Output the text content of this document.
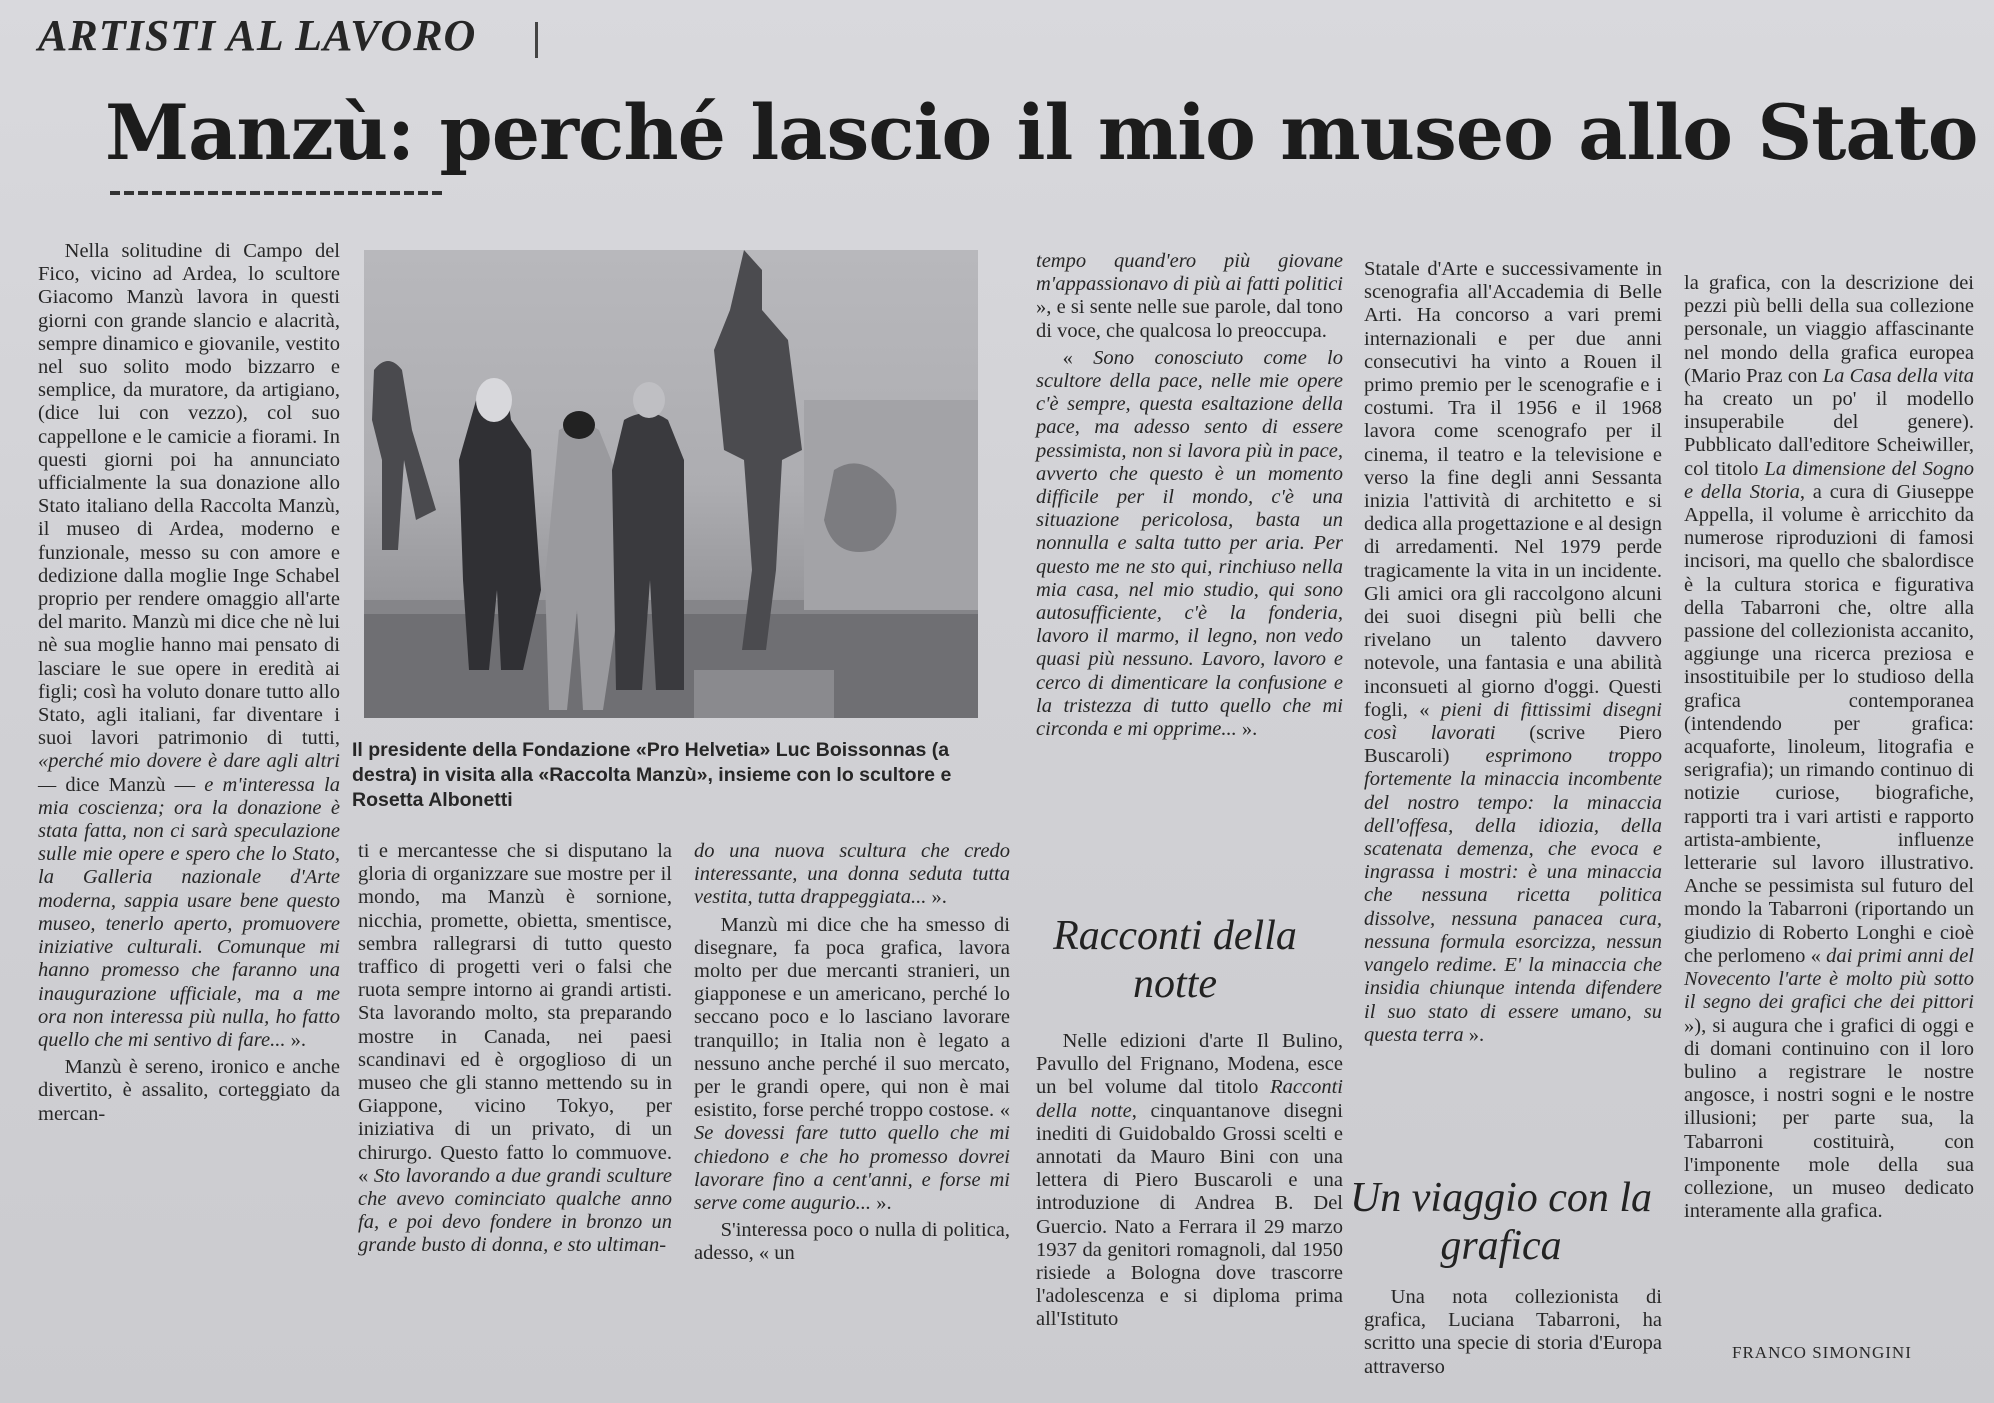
ARTISTI AL LAVORO
Manzù: perché lascio il mio museo allo Stato

Nella solitudine di Campo del Fico, vicino ad Ardea, lo scultore Giacomo Manzù lavora in questi giorni con grande slancio e alacrità, sempre dinamico e giovanile, vestito nel suo solito modo bizzarro e semplice, da muratore, da artigiano, (dice lui con vezzo), col suo cappellone e le camicie a fiorami. In questi giorni poi ha annunciato ufficialmente la sua donazione allo Stato italiano della Raccolta Manzù, il museo di Ardea, moderno e funzionale, messo su con amore e dedizione dalla moglie Inge Schabel proprio per rendere omaggio all'arte del marito. Manzù mi dice che nè lui nè sua moglie hanno mai pensato di lasciare le sue opere in eredità ai figli; così ha voluto donare tutto allo Stato, agli italiani, far diventare i suoi lavori patrimonio di tutti, «perché mio dovere è dare agli altri — dice Manzù — e m'interessa la mia coscienza; ora la donazione è stata fatta, non ci sarà speculazione sulle mie opere e spero che lo Stato, la Galleria nazionale d'Arte moderna, sappia usare bene questo museo, tenerlo aperto, promuovere iniziative culturali. Comunque mi hanno promesso che faranno una inaugurazione ufficiale, ma a me ora non interessa più nulla, ho fatto quello che mi sentivo di fare... ».

Manzù è sereno, ironico e anche divertito, è assalito, corteggiato da mercan-

Il presidente della Fondazione «Pro Helvetia» Luc Boissonnas (a destra) in visita alla «Raccolta Manzù», insieme con lo scultore e Rosetta Albonetti

ti e mercantesse che si disputano la gloria di organizzare sue mostre per il mondo, ma Manzù è sornione, nicchia, promette, obietta, smentisce, sembra rallegrarsi di tutto questo traffico di progetti veri o falsi che ruota sempre intorno ai grandi artisti. Sta lavorando molto, sta preparando mostre in Canada, nei paesi scandinavi ed è orgoglioso di un museo che gli stanno mettendo su in Giappone, vicino Tokyo, per iniziativa di un privato, di un chirurgo. Questo fatto lo commuove. « Sto lavorando a due grandi sculture che avevo cominciato qualche anno fa, e poi devo fondere in bronzo un grande busto di donna, e sto ultiman-

do una nuova scultura che credo interessante, una donna seduta tutta vestita, tutta drappeggiata... ».

Manzù mi dice che ha smesso di disegnare, fa poca grafica, lavora molto per due mercanti stranieri, un giapponese e un americano, perché lo seccano poco e lo lasciano lavorare tranquillo; in Italia non è legato a nessuno anche perché il suo mercato, per le grandi opere, qui non è mai esistito, forse perché troppo costose. « Se dovessi fare tutto quello che mi chiedono e che ho promesso dovrei lavorare fino a cent'anni, e forse mi serve come augurio... ».

S'interessa poco o nulla di politica, adesso, « un

tempo quand'ero più giovane m'appassionavo di più ai fatti politici », e si sente nelle sue parole, dal tono di voce, che qualcosa lo preoccupa.

« Sono conosciuto come lo scultore della pace, nelle mie opere c'è sempre, questa esaltazione della pace, ma adesso sento di essere pessimista, non si lavora più in pace, avverto che questo è un momento difficile per il mondo, c'è una situazione pericolosa, basta un nonnulla e salta tutto per aria. Per questo me ne sto qui, rinchiuso nella mia casa, nel mio studio, qui sono autosufficiente, c'è la fonderia, lavoro il marmo, il legno, non vedo quasi più nessuno. Lavoro, lavoro e cerco di dimenticare la confusione e la tristezza di tutto quello che mi circonda e mi opprime... ».

Racconti della notte

Nelle edizioni d'arte Il Bulino, Pavullo del Frignano, Modena, esce un bel volume dal titolo Racconti della notte, cinquantanove disegni inediti di Guidobaldo Grossi scelti e annotati da Mauro Bini con una lettera di Piero Buscaroli e una introduzione di Andrea B. Del Guercio. Nato a Ferrara il 29 marzo 1937 da genitori romagnoli, dal 1950 risiede a Bologna dove trascorre l'adolescenza e si diploma prima all'Istituto

Statale d'Arte e successivamente in scenografia all'Accademia di Belle Arti. Ha concorso a vari premi internazionali e per due anni consecutivi ha vinto a Rouen il primo premio per le scenografie e i costumi. Tra il 1956 e il 1968 lavora come scenografo per il cinema, il teatro e la televisione e verso la fine degli anni Sessanta inizia l'attività di architetto e si dedica alla progettazione e al design di arredamenti. Nel 1979 perde tragicamente la vita in un incidente. Gli amici ora gli raccolgono alcuni dei suoi disegni più belli che rivelano un talento davvero notevole, una fantasia e una abilità inconsueti al giorno d'oggi. Questi fogli, « pieni di fittissimi disegni così lavorati (scrive Piero Buscaroli) esprimono troppo fortemente la minaccia incombente del nostro tempo: la minaccia dell'offesa, della idiozia, della scatenata demenza, che evoca e ingrassa i mostri: è una minaccia che nessuna ricetta politica dissolve, nessuna panacea cura, nessuna formula esorcizza, nessun vangelo redime. E' la minaccia che insidia chiunque intenda difendere il suo stato di essere umano, su questa terra ».

Un viaggio con la grafica

Una nota collezionista di grafica, Luciana Tabarroni, ha scritto una specie di storia d'Europa attraverso

la grafica, con la descrizione dei pezzi più belli della sua collezione personale, un viaggio affascinante nel mondo della grafica europea (Mario Praz con La Casa della vita ha creato un po' il modello insuperabile del genere). Pubblicato dall'editore Scheiwiller, col titolo La dimensione del Sogno e della Storia, a cura di Giuseppe Appella, il volume è arricchito da numerose riproduzioni di famosi incisori, ma quello che sbalordisce è la cultura storica e figurativa della Tabarroni che, oltre alla passione del collezionista accanito, aggiunge una ricerca preziosa e insostituibile per lo studioso della grafica contemporanea (intendendo per grafica: acquaforte, linoleum, litografia e serigrafia); un rimando continuo di notizie curiose, biografiche, rapporti tra i vari artisti e rapporto artista-ambiente, influenze letterarie sul lavoro illustrativo. Anche se pessimista sul futuro del mondo la Tabarroni (riportando un giudizio di Roberto Longhi e cioè che perlomeno « dai primi anni del Novecento l'arte è molto più sotto il segno dei grafici che dei pittori »), si augura che i grafici di oggi e di domani continuino con il loro bulino a registrare le nostre angosce, i nostri sogni e le nostre illusioni; per parte sua, la Tabarroni costituirà, con l'imponente mole della sua collezione, un museo dedicato interamente alla grafica.

FRANCO SIMONGINI
